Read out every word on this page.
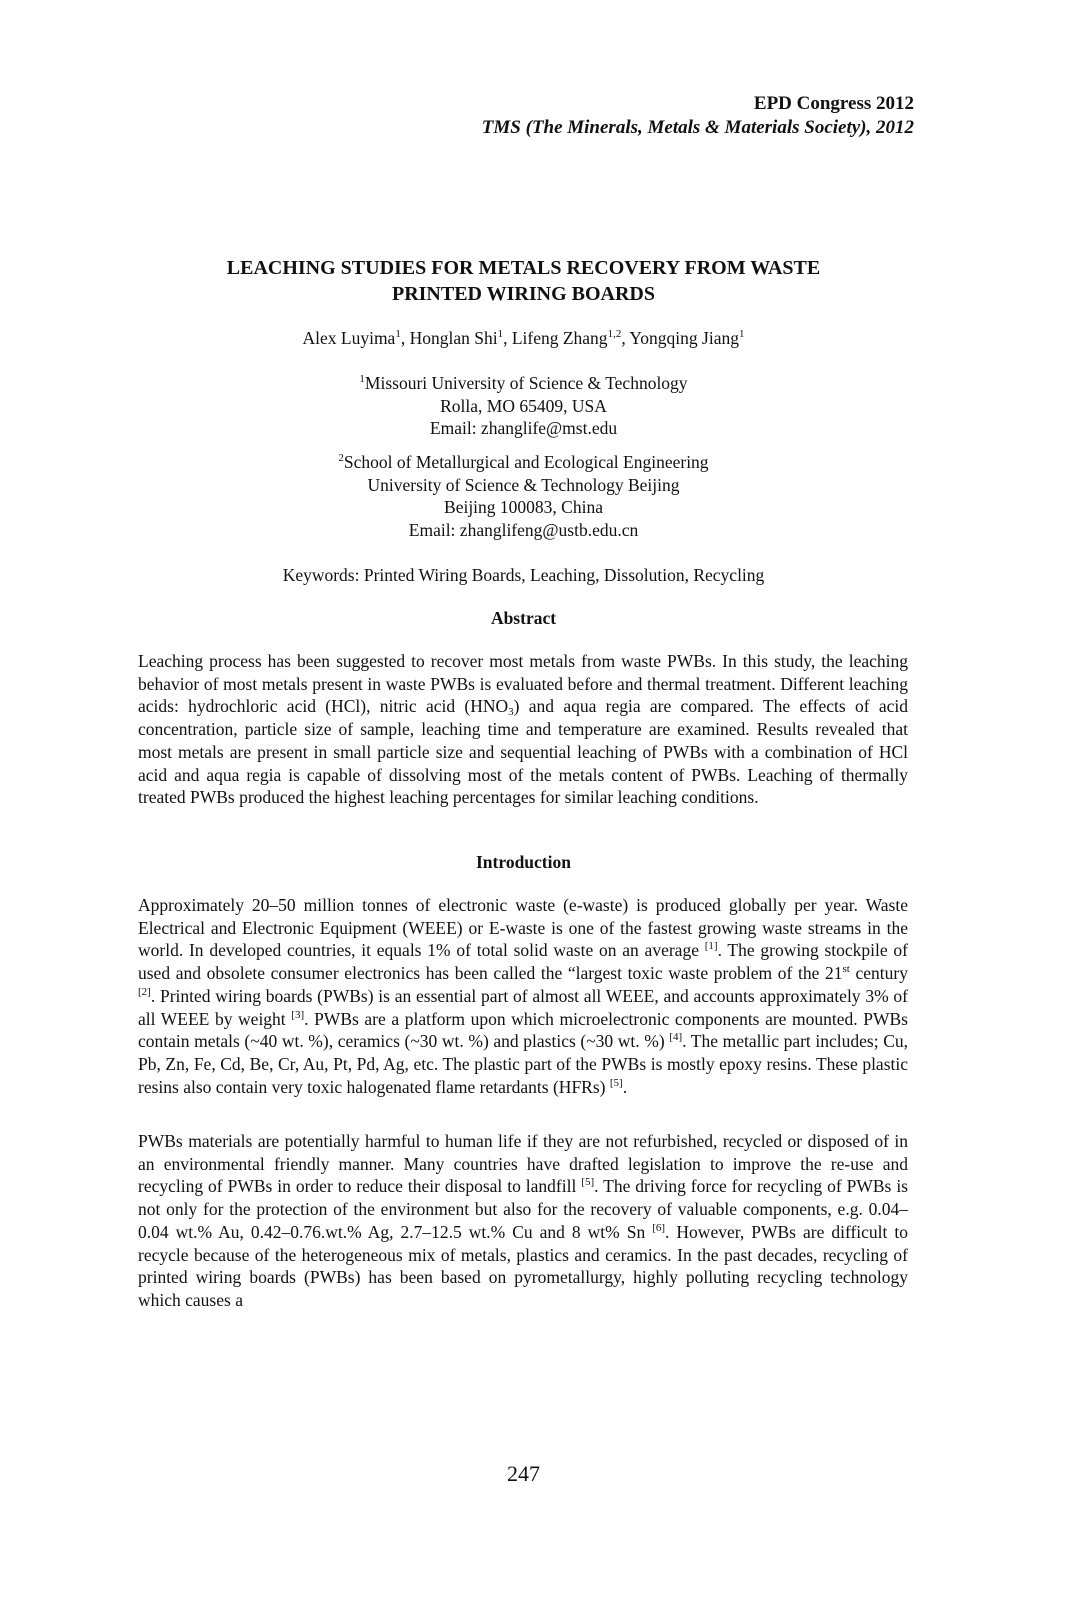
EPD Congress 2012
TMS (The Minerals, Metals & Materials Society), 2012
LEACHING STUDIES FOR METALS RECOVERY FROM WASTE
PRINTED WIRING BOARDS
Alex Luyima$^1$, Honglan Shi$^1$, Lifeng Zhang$^{1,2}$, Yongqing Jiang$^1$
$^1$Missouri University of Science & Technology
Rolla, MO 65409, USA
Email: zhanglife@mst.edu
$^2$School of Metallurgical and Ecological Engineering
University of Science & Technology Beijing
Beijing 100083, China
Email: zhanglifeng@ustb.edu.cn
Keywords: Printed Wiring Boards, Leaching, Dissolution, Recycling
Abstract

Leaching process has been suggested to recover most metals from waste PWBs. In this study, the leaching behavior of most metals present in waste PWBs is evaluated before and thermal treatment. Different leaching acids: hydrochloric acid (HCl), nitric acid $(HNO_3)$ and aqua regia are compared. The effects of acid concentration, particle size of sample, leaching time and temperature are examined. Results revealed that most metals are present in small particle size and sequential leaching of PWBs with a combination of HCl acid and aqua regia is capable of dissolving most of the metals content of PWBs. Leaching of thermally treated PWBs produced the highest leaching percentages for similar leaching conditions.

Introduction

Approximately 20–50 million tonnes of electronic waste (e-waste) is produced globally per year. Waste Electrical and Electronic Equipment (WEEE) or E-waste is one of the fastest growing waste streams in the world. In developed countries, it equals 1% of total solid waste on an average [1]. The growing stockpile of used and obsolete consumer electronics has been called the “largest toxic waste problem of the 21st century [2]. Printed wiring boards (PWBs) is an essential part of almost all WEEE, and accounts approximately 3% of all WEEE by weight [3]. PWBs are a platform upon which microelectronic components are mounted. PWBs contain metals (~40 wt. %), ceramics (~30 wt. %) and plastics (~30 wt. %) [4]. The metallic part includes; Cu, Pb, Zn, Fe, Cd, Be, Cr, Au, Pt, Pd, Ag, etc. The plastic part of the PWBs is mostly epoxy resins. These plastic resins also contain very toxic halogenated flame retardants (HFRs) [5].

PWBs materials are potentially harmful to human life if they are not refurbished, recycled or disposed of in an environmental friendly manner. Many countries have drafted legislation to improve the re-use and recycling of PWBs in order to reduce their disposal to landfill [5]. The driving force for recycling of PWBs is not only for the protection of the environment but also for the recovery of valuable components, e.g. 0.04–0.04 wt.% Au, 0.42–0.76.wt.% Ag, 2.7–12.5 wt.% Cu and 8 wt% Sn [6]. However, PWBs are difficult to recycle because of the heterogeneous mix of metals, plastics and ceramics. In the past decades, recycling of printed wiring boards (PWBs) has been based on pyrometallurgy, highly polluting recycling technology which causes a

247
